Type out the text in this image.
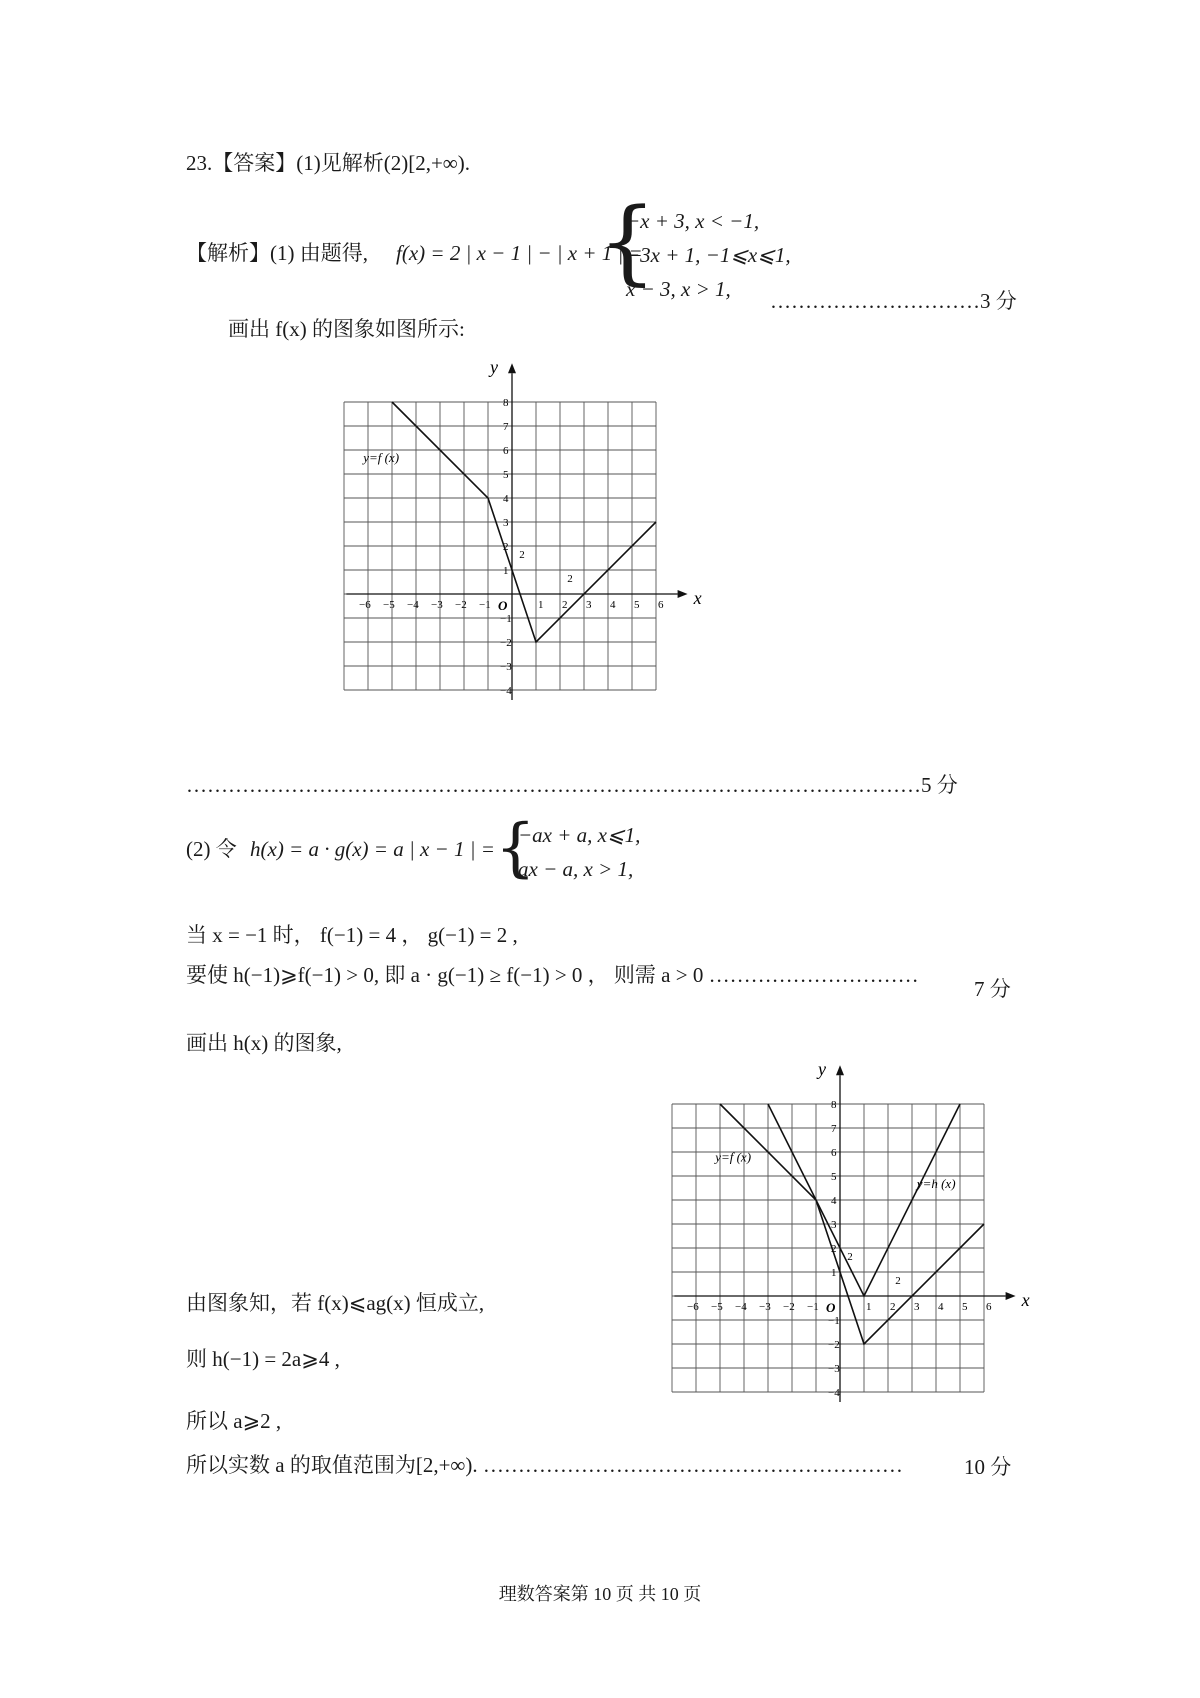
23.【答案】(1)见解析(2)[2,+∞).
【解析】(1) 由题得, f(x) = 2 | x − 1 | − | x + 1 | =
{
−x + 3, x < −1,
−3x + 1, −1⩽x⩽1,
x − 3, x > 1, …………………………3 分
画出 f(x) 的图象如图所示:
x
y
−6 −5 −4 −3 −2 −1	1 2 3 4 5 6
8
7
6
5
4
3
2
1
−1
−2
−3
−4
O
y=f (x)
2
2
……………………………………………………………………………………………5 分
(2) 令 h(x) = a · g(x) = a | x − 1 | = {
−ax + a, x⩽1,
ax − a, x > 1,
当 x = −1 时， f(−1) = 4 ， g(−1) = 2 ,
要使 h(−1)⩾f(−1) > 0, 即 a · g(−1) ≥ f(−1) > 0 ， 则需 a > 0 …………………………
7 分
画出 h(x) 的图象,
x
y
−6 −5 −4 −3 −2 −1	1 2 3 4 5 6
8
7
6
5
4
3
2
1
−1
−2
−3
−4
O
y=f (x)
y=h (x)
2
2
由图象知，若 f(x)⩽ag(x) 恒成立,
则 h(−1) = 2a⩾4 ,
所以 a⩾2 ,
所以实数 a 的取值范围为[2,+∞). ……………………………………………………	10 分
理数答案第 10 页 共 10 页
